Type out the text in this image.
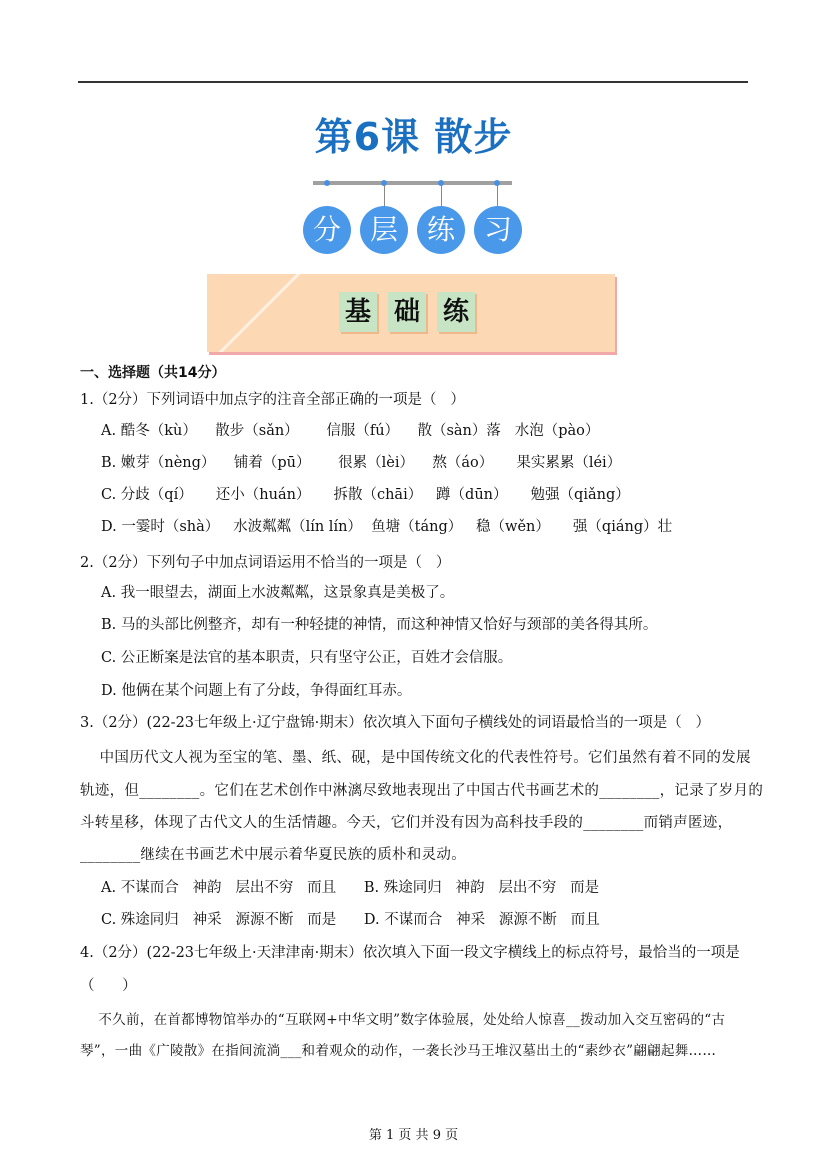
第6课 散步
分	层	练	习
基 础 练
一、选择题（共14分）
1.（2分）下列词语中加点字的注音全部正确的一项是（   ）
A. 酷冬（kù）    散步（sǎn）      信服（fú）    散（sàn）落   水泡（pào）
B. 嫩芽（nèng）    铺着（pū）      很累（lèi）    熬（áo）     果实累累（léi）
C. 分歧（qí）     还小（huán）     拆散（chāi）   蹲（dūn）     勉强（qiǎng）
D. 一霎时（shà）   水波粼粼（lín lín）  鱼塘（táng）   稳（wěn）     强（qiáng）壮
2.（2分）下列句子中加点词语运用不恰当的一项是（   ）
A. 我一眼望去，湖面上水波粼粼，这景象真是美极了。
B. 马的头部比例整齐，却有一种轻捷的神情，而这种神情又恰好与颈部的美各得其所。
C. 公正断案是法官的基本职责，只有坚守公正，百姓才会信服。
D. 他俩在某个问题上有了分歧，争得面红耳赤。
3.（2分）(22-23七年级上·辽宁盘锦·期末）依次填入下面句子横线处的词语最恰当的一项是（   ）
中国历代文人视为至宝的笔、墨、纸、砚，是中国传统文化的代表性符号。它们虽然有着不同的发展
轨迹，但________。它们在艺术创作中淋漓尽致地表现出了中国古代书画艺术的________，记录了岁月的
斗转星移，体现了古代文人的生活情趣。今天，它们并没有因为高科技手段的________而销声匿迹，
________继续在书画艺术中展示着华夏民族的质朴和灵动。
A. 不谋而合   神韵   层出不穷   而且      B. 殊途同归   神韵   层出不穷   而是
C. 殊途同归   神采   源源不断   而是      D. 不谋而合   神采   源源不断   而且
4.（2分）(22-23七年级上·天津津南·期末）依次填入下面一段文字横线上的标点符号，最恰当的一项是
（      ）
不久前，在首都博物馆举办的“互联网+中华文明”数字体验展，处处给人惊喜__拨动加入交互密码的“古
琴”，一曲《广陵散》在指间流淌___和着观众的动作，一袭长沙马王堆汉墓出土的“素纱衣”翩翩起舞……
第 1 页 共 9 页
